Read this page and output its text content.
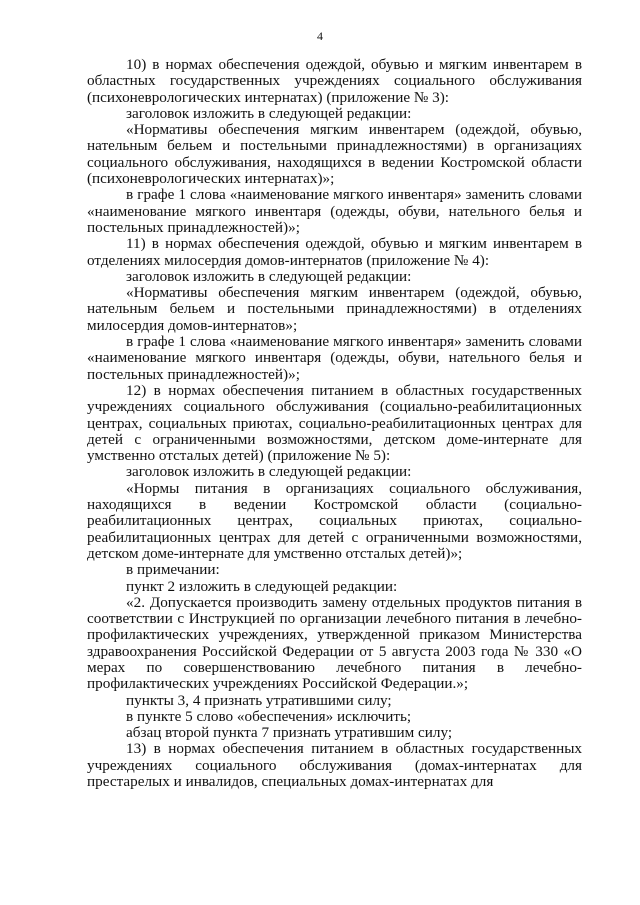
4

10) в нормах обеспечения одеждой, обувью и мягким инвентарем в областных государственных учреждениях социального обслуживания (психоневрологических интернатах) (приложение № 3):

заголовок изложить в следующей редакции:

«Нормативы обеспечения мягким инвентарем (одеждой, обувью, нательным бельем и постельными принадлежностями) в организациях социального обслуживания, находящихся в ведении Костромской области (психоневрологических интернатах)»;

в графе 1 слова «наименование мягкого инвентаря» заменить словами «наименование мягкого инвентаря (одежды, обуви, нательного белья и постельных принадлежностей)»;

11) в нормах обеспечения одеждой, обувью и мягким инвентарем в отделениях милосердия домов-интернатов (приложение № 4):

заголовок изложить в следующей редакции:

«Нормативы обеспечения мягким инвентарем (одеждой, обувью, нательным бельем и постельными принадлежностями) в отделениях милосердия домов-интернатов»;

в графе 1 слова «наименование мягкого инвентаря» заменить словами «наименование мягкого инвентаря (одежды, обуви, нательного белья и постельных принадлежностей)»;

12) в нормах обеспечения питанием в областных государственных учреждениях социального обслуживания (социально-реабилитационных центрах, социальных приютах, социально-реабилитационных центрах для детей с ограниченными возможностями, детском доме-интернате для умственно отсталых детей) (приложение № 5):

заголовок изложить в следующей редакции:

«Нормы питания в организациях социального обслуживания, находящихся в ведении Костромской области (социально-реабилитационных центрах, социальных приютах, социально-реабилитационных центрах для детей с ограниченными возможностями, детском доме-интернате для умственно отсталых детей)»;

в примечании:

пункт 2 изложить в следующей редакции:

«2. Допускается производить замену отдельных продуктов питания в соответствии с Инструкцией по организации лечебного питания в лечебно-профилактических учреждениях, утвержденной приказом Министерства здравоохранения Российской Федерации от 5 августа 2003 года № 330 «О мерах по совершенствованию лечебного питания в лечебно-профилактических учреждениях Российской Федерации.»;

пункты 3, 4 признать утратившими силу;

в пункте 5 слово «обеспечения» исключить;

абзац второй пункта 7 признать утратившим силу;

13) в нормах обеспечения питанием в областных государственных учреждениях социального обслуживания (домах-интернатах для престарелых и инвалидов, специальных домах-интернатах для
